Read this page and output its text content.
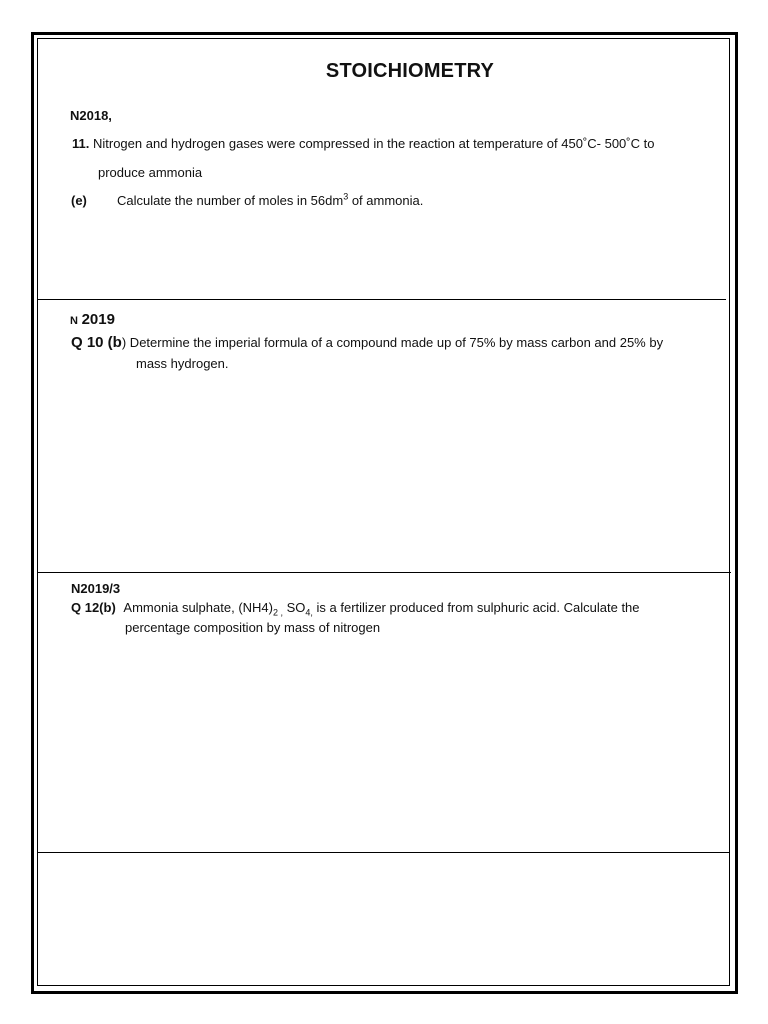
STOICHIOMETRY
N2018,
11. Nitrogen and hydrogen gases were compressed in the reaction at temperature of 450˚C- 500˚C to
produce ammonia
(e) Calculate the number of moles in $56dm^3$ of ammonia.
N 2019
Q 10 (b) Determine the imperial formula of a compound made up of 75% by mass carbon and 25% by
mass hydrogen.
N2019/3
Q 12(b) Ammonia sulphate, $(NH4)_{2 ,}$ $SO_{4,}$ is a fertilizer produced from sulphuric acid. Calculate the
percentage composition by mass of nitrogen
